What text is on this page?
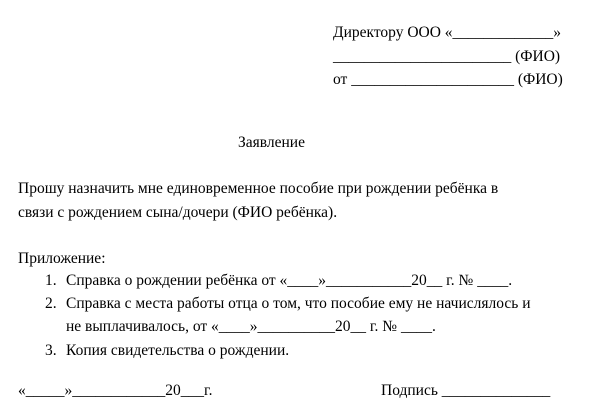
Директору ООО «_____________»
_______________________ (ФИО)
от _____________________ (ФИО)
Заявление
Прошу назначить мне единовременное пособие при рождении ребёнка в
связи с рождением сына/дочери (ФИО ребёнка).
Приложение:
1. Справка о рождении ребёнка от «____»___________20__ г. № ____.
2. Справка с места работы отца о том, что пособие ему не начислялось и
не выплачивалось, от «____»__________20__ г. № ____.
3. Копия свидетельства о рождении.
«_____»____________20___г.	Подпись ______________
